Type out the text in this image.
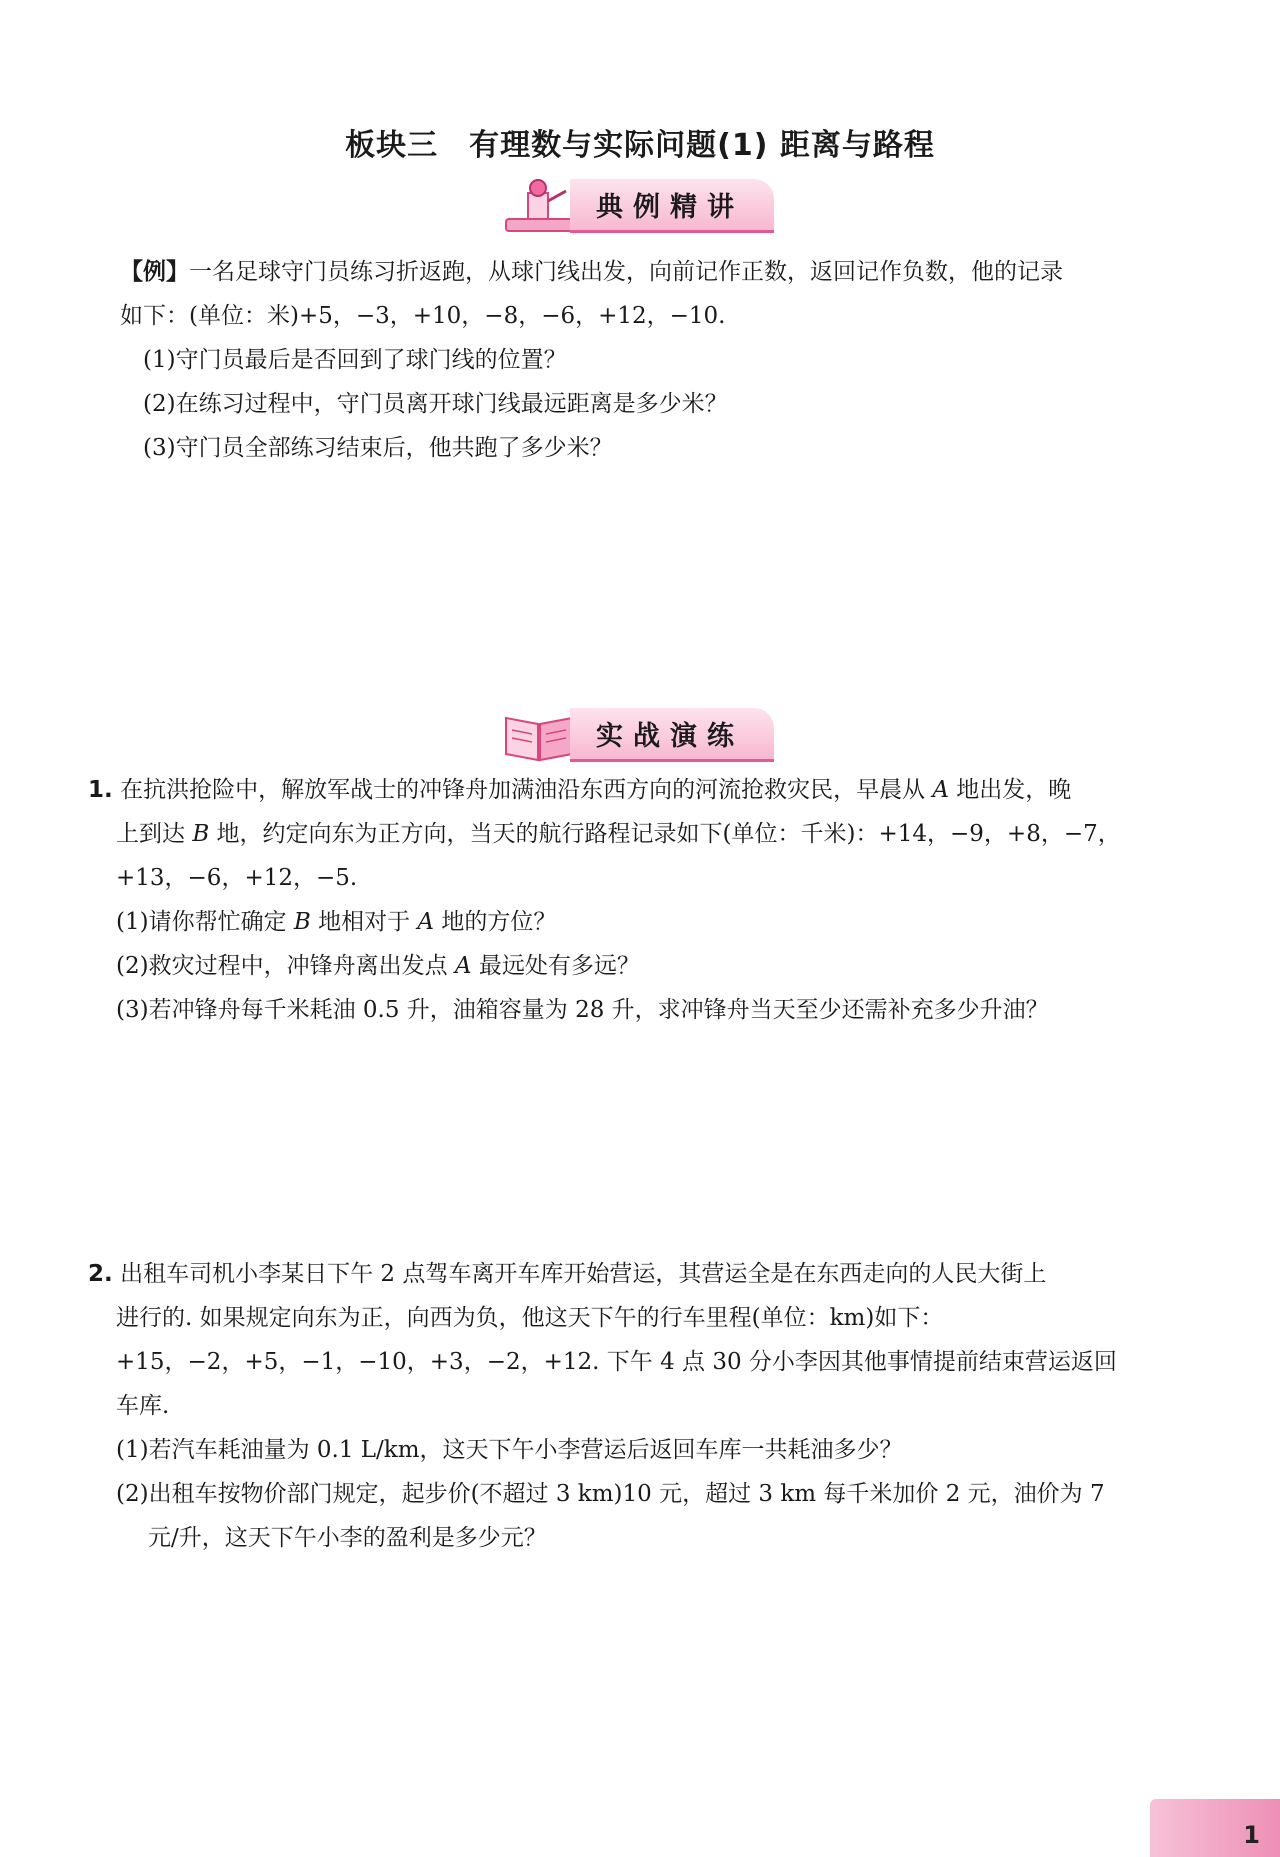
板块三　有理数与实际问题(1) 距离与路程
典例精讲
【例】一名足球守门员练习折返跑，从球门线出发，向前记作正数，返回记作负数，他的记录
如下：(单位：米)+5，−3，+10，−8，−6，+12，−10.
(1)守门员最后是否回到了球门线的位置？
(2)在练习过程中，守门员离开球门线最远距离是多少米？
(3)守门员全部练习结束后，他共跑了多少米？
实战演练
1. 在抗洪抢险中，解放军战士的冲锋舟加满油沿东西方向的河流抢救灾民，早晨从 A 地出发，晚
上到达 B 地，约定向东为正方向，当天的航行路程记录如下(单位：千米)：+14，−9，+8，−7，
+13，−6，+12，−5.
(1)请你帮忙确定 B 地相对于 A 地的方位？
(2)救灾过程中，冲锋舟离出发点 A 最远处有多远？
(3)若冲锋舟每千米耗油 0.5 升，油箱容量为 28 升，求冲锋舟当天至少还需补充多少升油？
2. 出租车司机小李某日下午 2 点驾车离开车库开始营运，其营运全是在东西走向的人民大街上
进行的. 如果规定向东为正，向西为负，他这天下午的行车里程(单位：km)如下：
+15，−2，+5，−1，−10，+3，−2，+12. 下午 4 点 30 分小李因其他事情提前结束营运返回
车库.
(1)若汽车耗油量为 0.1 L/km，这天下午小李营运后返回车库一共耗油多少？
(2)出租车按物价部门规定，起步价(不超过 3 km)10 元，超过 3 km 每千米加价 2 元，油价为 7
元/升，这天下午小李的盈利是多少元？
1
